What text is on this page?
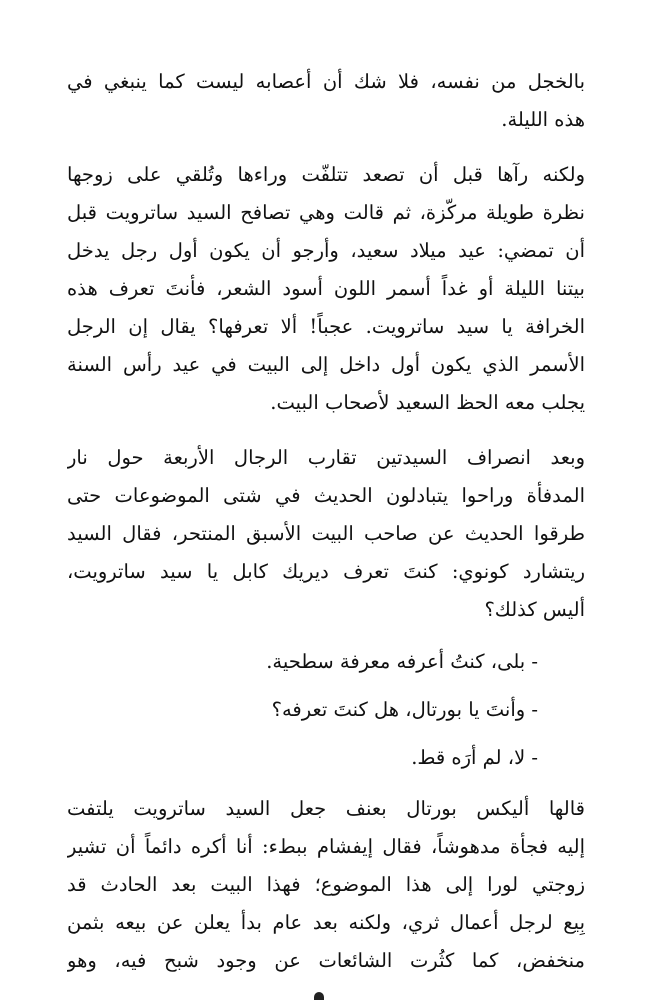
بالخجل من نفسه، فلا شك أن أعصابه ليست كما ينبغي في
هذه الليلة.
ولكنه رآها قبل أن تصعد تتلفّت وراءها وتُلقي على زوجها
نظرة طويلة مركّزة، ثم قالت وهي تصافح السيد ساترويت قبل
أن تمضي: عيد ميلاد سعيد، وأرجو أن يكون أول رجل يدخل
بيتنا الليلة أو غداً أسمر اللون أسود الشعر، فأنتَ تعرف هذه
الخرافة يا سيد ساترويت. عجباً! ألا تعرفها؟ يقال إن الرجل
الأسمر الذي يكون أول داخل إلى البيت في عيد رأس السنة
يجلب معه الحظ السعيد لأصحاب البيت.
وبعد انصراف السيدتين تقارب الرجال الأربعة حول نار
المدفأة وراحوا يتبادلون الحديث في شتى الموضوعات حتى
طرقوا الحديث عن صاحب البيت الأسبق المنتحر، فقال السيد
ريتشارد كونوي: كنتَ تعرف ديريك كابل يا سيد ساترويت،
أليس كذلك؟
- بلى، كنتُ أعرفه معرفة سطحية.
- وأنتَ يا بورتال، هل كنتَ تعرفه؟
- لا، لم أرَه قط.
قالها أليكس بورتال بعنف جعل السيد ساترويت يلتفت
إليه فجأة مدهوشاً، فقال إيفشام ببطء: أنا أكره دائماً أن تشير
زوجتي لورا إلى هذا الموضوع؛ فهذا البيت بعد الحادث قد
بِيع لرجل أعمال ثري، ولكنه بعد عام بدأ يعلن عن بيعه بثمن
منخفض، كما كثُرت الشائعات عن وجود شبح فيه، وهو
